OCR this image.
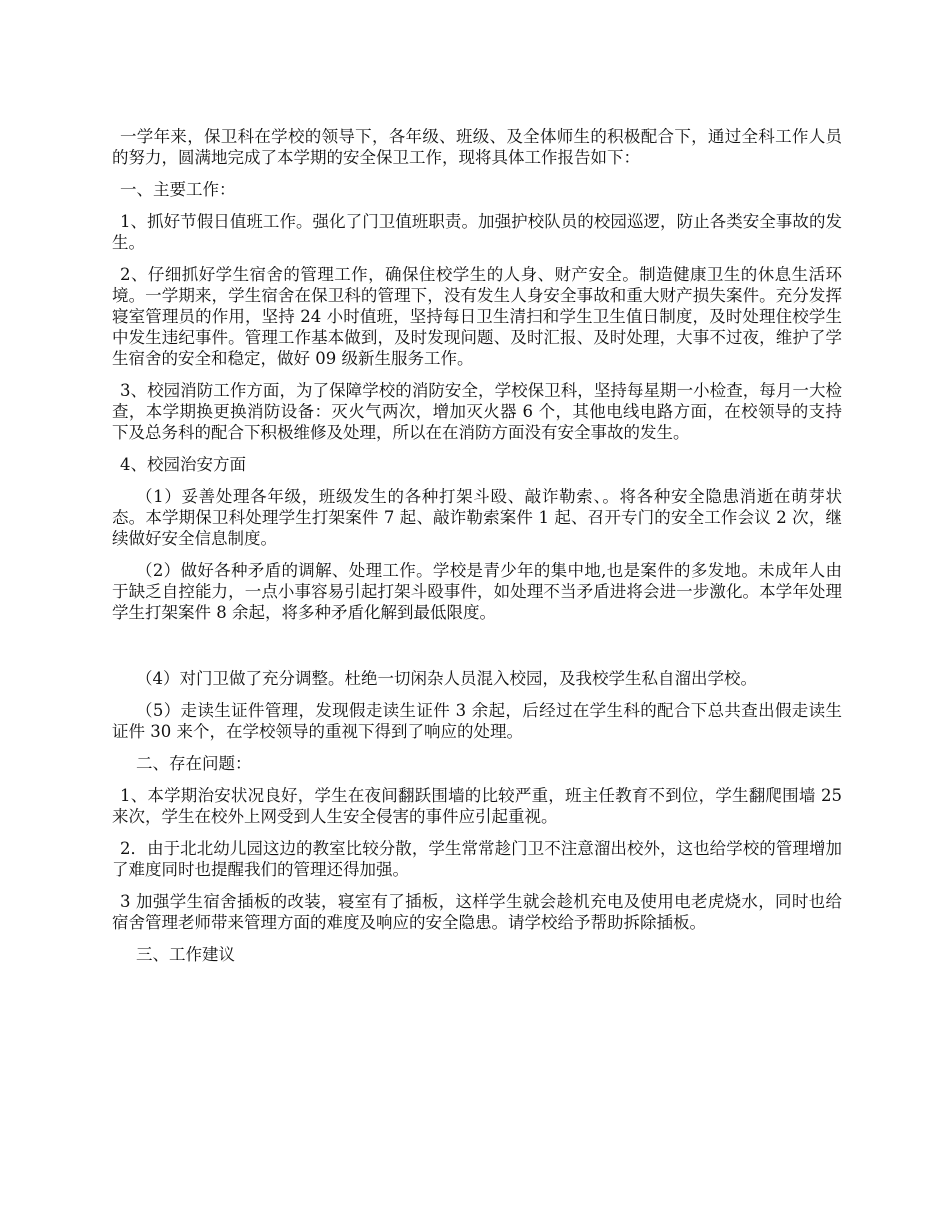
一学年来，保卫科在学校的领导下，各年级、班级、及全体师生的积极配合下，通过全科工作人员的努力，圆满地完成了本学期的安全保卫工作，现将具体工作报告如下：

一、主要工作：

1、抓好节假日值班工作。强化了门卫值班职责。加强护校队员的校园巡逻，防止各类安全事故的发生。

2、仔细抓好学生宿舍的管理工作，确保住校学生的人身、财产安全。制造健康卫生的休息生活环境。一学期来，学生宿舍在保卫科的管理下，没有发生人身安全事故和重大财产损失案件。充分发挥寝室管理员的作用，坚持 24 小时值班，坚持每日卫生清扫和学生卫生值日制度，及时处理住校学生中发生违纪事件。管理工作基本做到，及时发现问题、及时汇报、及时处理，大事不过夜，维护了学生宿舍的安全和稳定，做好 09 级新生服务工作。

3、校园消防工作方面，为了保障学校的消防安全，学校保卫科，坚持每星期一小检查，每月一大检查，本学期换更换消防设备：灭火气两次，增加灭火器 6 个，其他电线电路方面，在校领导的支持下及总务科的配合下积极维修及处理，所以在在消防方面没有安全事故的发生。

4、校园治安方面

（1）妥善处理各年级，班级发生的各种打架斗殴、敲诈勒索、。将各种安全隐患消逝在萌芽状态。本学期保卫科处理学生打架案件 7 起、敲诈勒索案件 1 起、召开专门的安全工作会议 2 次，继续做好安全信息制度。

（2）做好各种矛盾的调解、处理工作。学校是青少年的集中地,也是案件的多发地。未成年人由于缺乏自控能力，一点小事容易引起打架斗殴事件，如处理不当矛盾进将会进一步激化。本学年处理学生打架案件 8 余起，将多种矛盾化解到最低限度。

（4）对门卫做了充分调整。杜绝一切闲杂人员混入校园，及我校学生私自溜出学校。

（5）走读生证件管理，发现假走读生证件 3 余起，后经过在学生科的配合下总共查出假走读生证件 30 来个，在学校领导的重视下得到了响应的处理。

二、存在问题：

1、本学期治安状况良好，学生在夜间翻跃围墙的比较严重，班主任教育不到位，学生翻爬围墙 25 来次，学生在校外上网受到人生安全侵害的事件应引起重视。

2．由于北北幼儿园这边的教室比较分散，学生常常趁门卫不注意溜出校外，这也给学校的管理增加了难度同时也提醒我们的管理还得加强。

3 加强学生宿舍插板的改装，寝室有了插板，这样学生就会趁机充电及使用电老虎烧水，同时也给宿舍管理老师带来管理方面的难度及响应的安全隐患。请学校给予帮助拆除插板。

三、工作建议
